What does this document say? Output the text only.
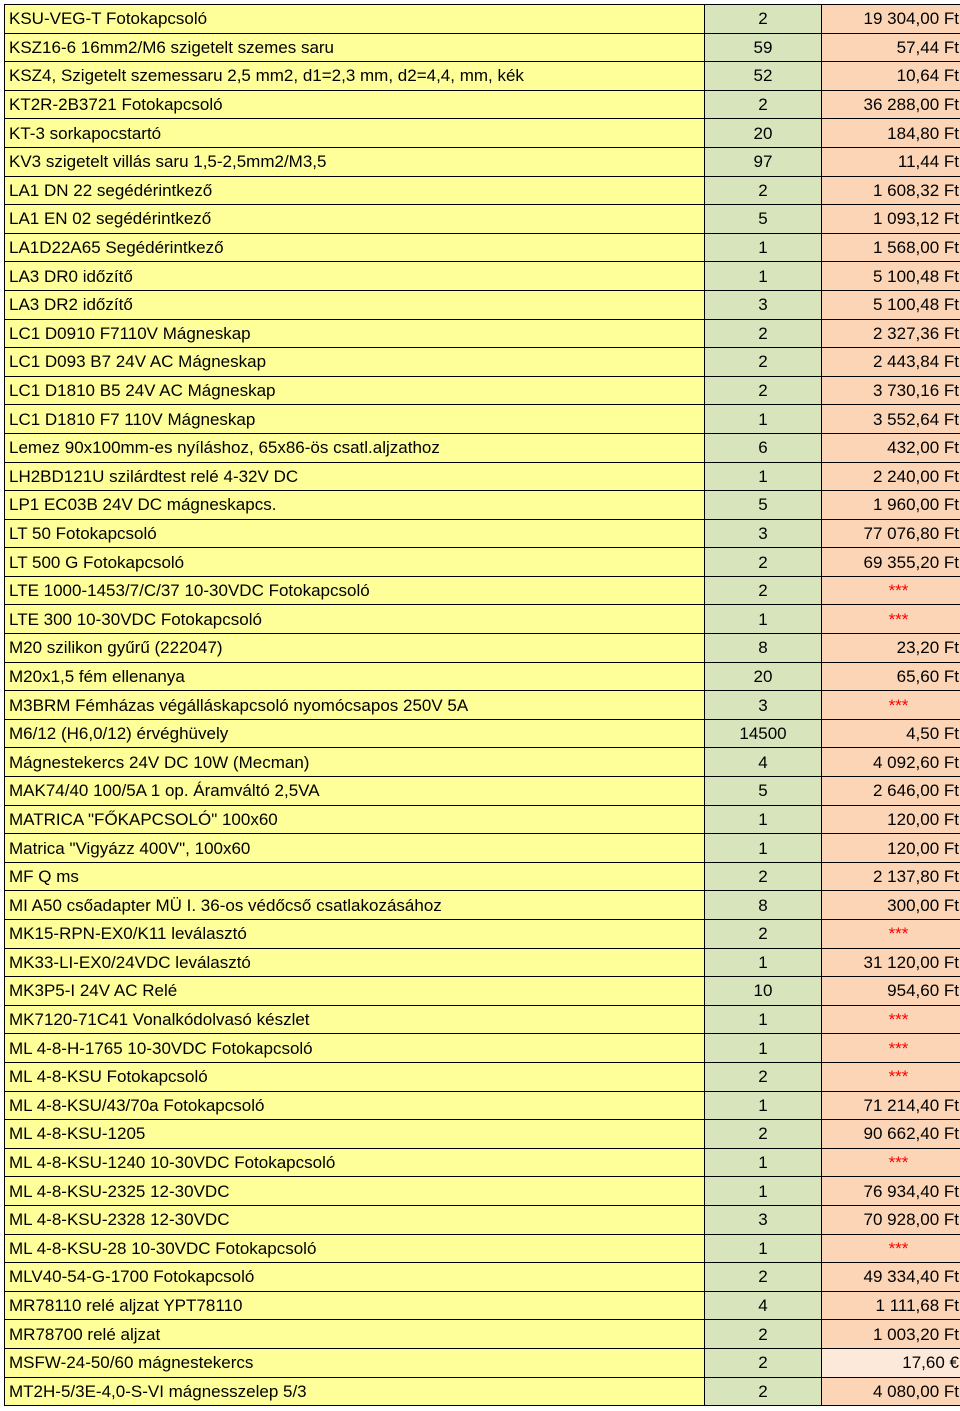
KSU-VEG-T Fotokapcsoló	2	19 304,00 Ft
KSZ16-6 16mm2/M6 szigetelt szemes saru	59	57,44 Ft
KSZ4, Szigetelt szemessaru 2,5 mm2, d1=2,3 mm, d2=4,4, mm, kék	52	10,64 Ft
KT2R-2B3721 Fotokapcsoló	2	36 288,00 Ft
KT-3 sorkapocstartó	20	184,80 Ft
KV3 szigetelt villás saru 1,5-2,5mm2/M3,5	97	11,44 Ft
LA1 DN 22 segédérintkező	2	1 608,32 Ft
LA1 EN 02 segédérintkező	5	1 093,12 Ft
LA1D22A65 Segédérintkező	1	1 568,00 Ft
LA3 DR0 időzítő	1	5 100,48 Ft
LA3 DR2 időzítő	3	5 100,48 Ft
LC1 D0910 F7110V Mágneskap	2	2 327,36 Ft
LC1 D093 B7 24V AC Mágneskap	2	2 443,84 Ft
LC1 D1810 B5 24V AC Mágneskap	2	3 730,16 Ft
LC1 D1810 F7 110V Mágneskap	1	3 552,64 Ft
Lemez 90x100mm-es nyíláshoz, 65x86-ös csatl.aljzathoz	6	432,00 Ft
LH2BD121U szilárdtest relé 4-32V DC	1	2 240,00 Ft
LP1 EC03B 24V DC mágneskapcs.	5	1 960,00 Ft
LT 50 Fotokapcsoló	3	77 076,80 Ft
LT 500 G Fotokapcsoló	2	69 355,20 Ft
LTE 1000-1453/7/C/37 10-30VDC Fotokapcsoló	2	***
LTE 300 10-30VDC Fotokapcsoló	1	***
M20 szilikon gyűrű (222047)	8	23,20 Ft
M20x1,5 fém ellenanya	20	65,60 Ft
M3BRM Fémházas végálláskapcsoló nyomócsapos 250V 5A	3	***
M6/12 (H6,0/12) érvéghüvely	14500	4,50 Ft
Mágnestekercs 24V DC 10W (Mecman)	4	4 092,60 Ft
MAK74/40 100/5A 1 op. Áramváltó 2,5VA	5	2 646,00 Ft
MATRICA "FŐKAPCSOLÓ" 100x60	1	120,00 Ft
Matrica "Vigyázz 400V", 100x60	1	120,00 Ft
MF Q ms	2	2 137,80 Ft
MI A50 csőadapter MÜ I. 36-os védőcső csatlakozásához	8	300,00 Ft
MK15-RPN-EX0/K11 leválasztó	2	***
MK33-LI-EX0/24VDC leválasztó	1	31 120,00 Ft
MK3P5-I 24V AC Relé	10	954,60 Ft
MK7120-71C41 Vonalkódolvasó készlet	1	***
ML 4-8-H-1765 10-30VDC Fotokapcsoló	1	***
ML 4-8-KSU Fotokapcsoló	2	***
ML 4-8-KSU/43/70a Fotokapcsoló	1	71 214,40 Ft
ML 4-8-KSU-1205	2	90 662,40 Ft
ML 4-8-KSU-1240 10-30VDC Fotokapcsoló	1	***
ML 4-8-KSU-2325 12-30VDC	1	76 934,40 Ft
ML 4-8-KSU-2328 12-30VDC	3	70 928,00 Ft
ML 4-8-KSU-28 10-30VDC Fotokapcsoló	1	***
MLV40-54-G-1700 Fotokapcsoló	2	49 334,40 Ft
MR78110 relé aljzat YPT78110	4	1 111,68 Ft
MR78700 relé aljzat	2	1 003,20 Ft
MSFW-24-50/60 mágnestekercs	2	17,60 €
MT2H-5/3E-4,0-S-VI mágnesszelep 5/3	2	4 080,00 Ft
